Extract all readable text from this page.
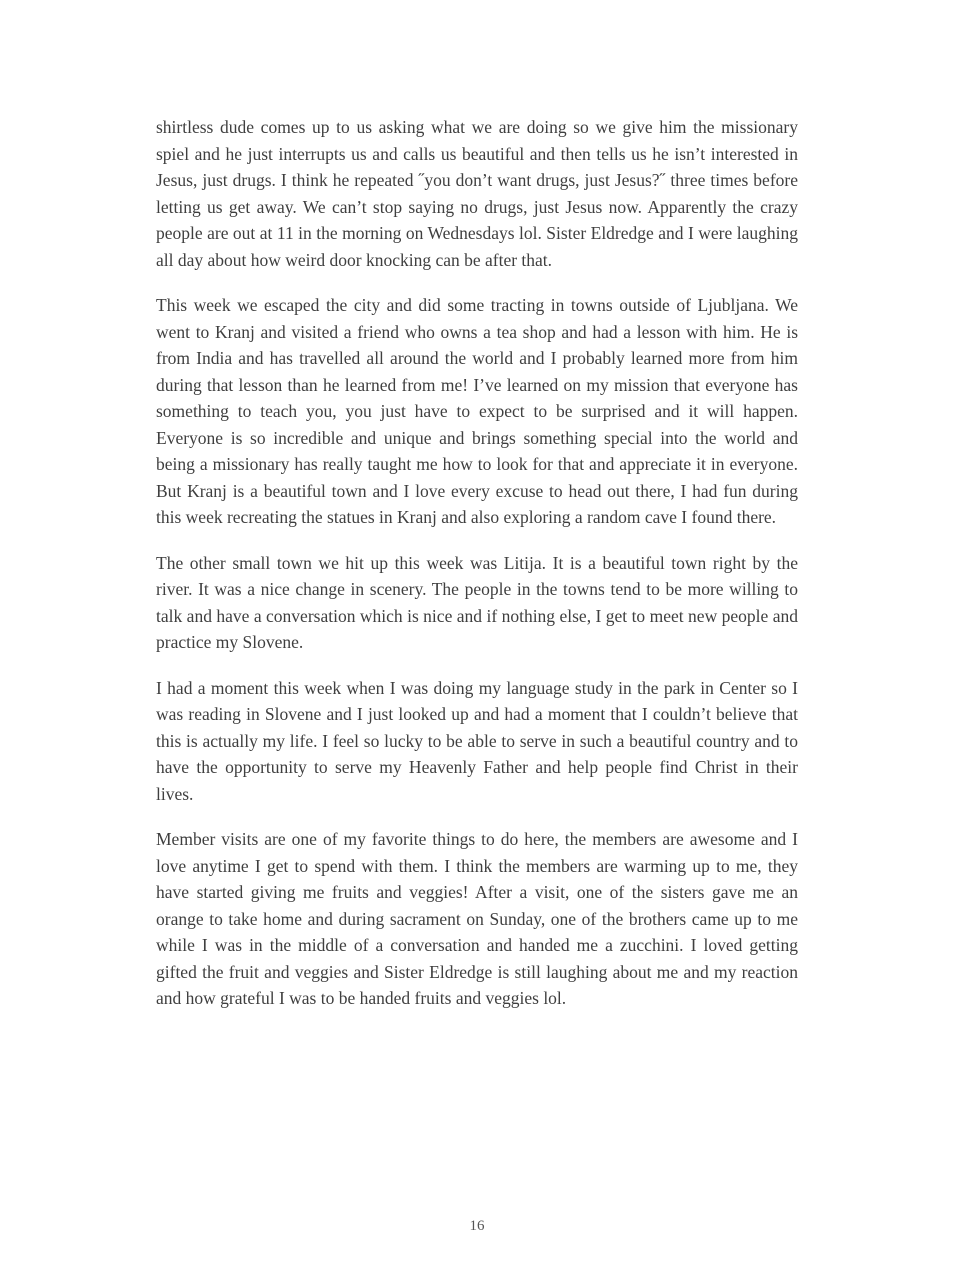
shirtless dude comes up to us asking what we are doing so we give him the missionary spiel and he just interrupts us and calls us beautiful and then tells us he isn’t interested in Jesus, just drugs. I think he repeated ˝you don’t want drugs, just Jesus?˝ three times before letting us get away. We can’t stop saying no drugs, just Jesus now. Apparently the crazy people are out at 11 in the morning on Wednesdays lol. Sister Eldredge and I were laughing all day about how weird door knocking can be after that.

This week we escaped the city and did some tracting in towns outside of Ljubljana. We went to Kranj and visited a friend who owns a tea shop and had a lesson with him. He is from India and has travelled all around the world and I probably learned more from him during that lesson than he learned from me! I’ve learned on my mission that everyone has something to teach you, you just have to expect to be surprised and it will happen. Everyone is so incredible and unique and brings something special into the world and being a missionary has really taught me how to look for that and appreciate it in everyone. But Kranj is a beautiful town and I love every excuse to head out there, I had fun during this week recreating the statues in Kranj and also exploring a random cave I found there.

The other small town we hit up this week was Litija. It is a beautiful town right by the river. It was a nice change in scenery. The people in the towns tend to be more willing to talk and have a conversation which is nice and if nothing else, I get to meet new people and practice my Slovene.

I had a moment this week when I was doing my language study in the park in Center so I was reading in Slovene and I just looked up and had a moment that I couldn’t believe that this is actually my life. I feel so lucky to be able to serve in such a beautiful country and to have the opportunity to serve my Heavenly Father and help people find Christ in their lives.

Member visits are one of my favorite things to do here, the members are awesome and I love anytime I get to spend with them. I think the members are warming up to me, they have started giving me fruits and veggies! After a visit, one of the sisters gave me an orange to take home and during sacrament on Sunday, one of the brothers came up to me while I was in the middle of a conversation and handed me a zucchini. I loved getting gifted the fruit and veggies and Sister Eldredge is still laughing about me and my reaction and how grateful I was to be handed fruits and veggies lol.

16
